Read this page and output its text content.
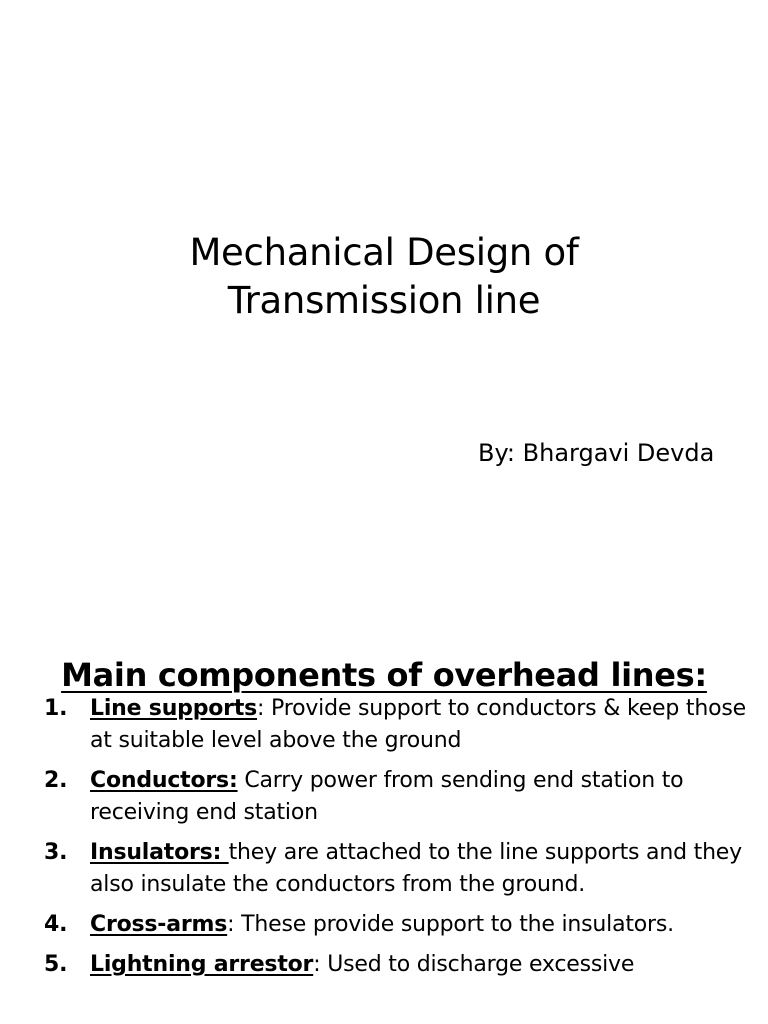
Mechanical Design of
Transmission line
By: Bhargavi Devda
Main components of overhead lines:
1. Line supports: Provide support to conductors & keep those at suitable level above the ground
2. Conductors: Carry power from sending end station to receiving end station
3. Insulators: they are attached to the line supports and they also insulate the conductors from the ground.
4. Cross-arms: These provide support to the insulators.
5. Lightning arrestor: Used to discharge excessive
